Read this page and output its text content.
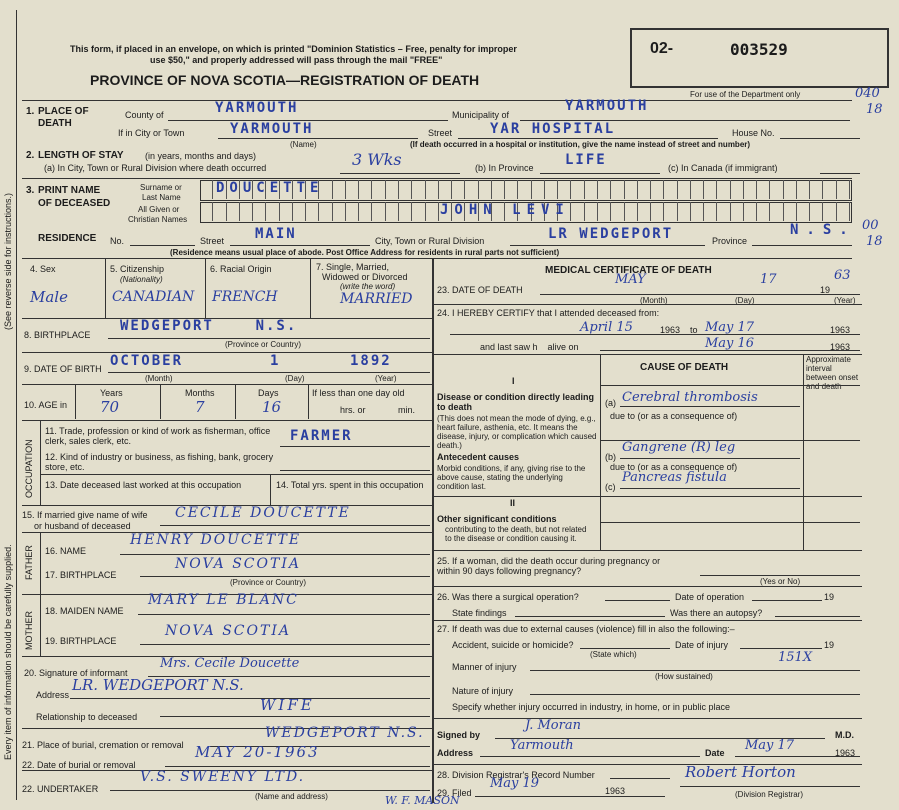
(See reverse side for instructions.)
Every item of information should be carefully supplied.
This form, if placed in an envelope, on which is printed "Dominion Statistics – Free, penalty for improper
use $50," and properly addressed will pass through the mail "FREE"
PROVINCE OF NOVA SCOTIA—REGISTRATION OF DEATH
02-	003529
For use of the Department only	040
18
00
18
1. PLACE OF DEATH
County of	YARMOUTH	Municipality of
YARMOUTH
If in City or Town	YARMOUTH
(Name)
Street	YAR HOSPITAL	House No.
(If death occurred in a hospital or institution, give the name instead of street and number)
2. LENGTH OF STAY (in years, months and days)
(a) In City, Town or Rural Division where death occurred	3 Wks	(b) In Province LIFE	(c) In Canada (if immigrant)
3. PRINT NAME
OF DECEASED
Surname or
Last Name
All Given or
Christian Names
DOUCETTE
JOHN LEVI
RESIDENCE No.	Street MAIN	City, Town or Rural Division	LR WEDGEPORT	Province
N.S.
(Residence means usual place of abode. Post Office Address for residents in rural parts not sufficient)
4. Sex
Male
5. Citizenship
(Nationality)
CANADIAN
6. Racial Origin
FRENCH
7. Single, Married,
Widowed or Divorced
(write the word)
MARRIED
8. BIRTHPLACE
WEDGEPORT    N.S.
(Province or Country)
9. DATE OF BIRTH OCTOBER	1	1892
(Month)	(Day)	(Year)
10. AGE in
Years
70
Months
7
Days
16
If less than one day old
hrs. or	min.
OCCUPATION
11. Trade, profession or kind of work as fisherman, office clerk, sales clerk, etc.	FARMER
12. Kind of industry or business, as fishing, bank, grocery store, etc.
13. Date deceased last worked at this occupation	14. Total yrs. spent in this occupation
15. If married give name of wife
or husband of deceased
CECILE DOUCETTE
FATHER 16. NAME
HENRY DOUCETTE
17. BIRTHPLACE
NOVA SCOTIA
(Province or Country)
MOTHER 18. MAIDEN NAME
MARY LE BLANC
19. BIRTHPLACE
NOVA SCOTIA
20. Signature of informant
Mrs. Cecile Doucette
Address
LR. WEDGEPORT N.S.
Relationship to deceased
WIFE
21. Place of burial, cremation or removal
WEDGEPORT N.S.
22. Date of burial or removal
MAY 20-1963
22. UNDERTAKER
V.S. SWEENY LTD.
(Name and address)	W. F. MASON
MEDICAL CERTIFICATE OF DEATH
23. DATE OF DEATH
MAY	17
19
63
(Month)	(Day)	(Year)
24. I HEREBY CERTIFY that I attended deceased from:
April 15	1963 to May 17	1963
and last saw h    alive on	May 16	1963
CAUSE OF DEATH
Approximate interval between onset and death
I
Disease or condition directly leading to death
(This does not mean the mode of dying, e.g., heart failure, asthenia, etc. It means the disease, injury, or complication which caused death.)
(a) Cerebral thrombosis
due to (or as a consequence of)
Antecedent causes
Morbid conditions, if any, giving rise to the above cause, stating the underlying condition last.
(b)
Gangrene (R) leg
due to (or as a consequence of)
(c)
Pancreas fistula
II
Other significant conditions
contributing to the death, but not related to the disease or condition causing it.
25. If a woman, did the death occur during pregnancy or within 90 days following pregnancy?
(Yes or No)
26. Was there a surgical operation?	Date of operation	19
State findings	Was there an autopsy?
27. If death was due to external causes (violence) fill in also the following:–
Accident, suicide or homicide?	Date of injury	19
(State which)
Manner of injury
151X
(How sustained)
Nature of injury
Specify whether injury occurred in industry, in home, or in public place
Signed by
J. Moran
M.D.
Address	Yarmouth	Date May 17	1963
28. Division Registrar's Record Number
29. Filed
May 19	1963
Robert Horton
(Division Registrar)
